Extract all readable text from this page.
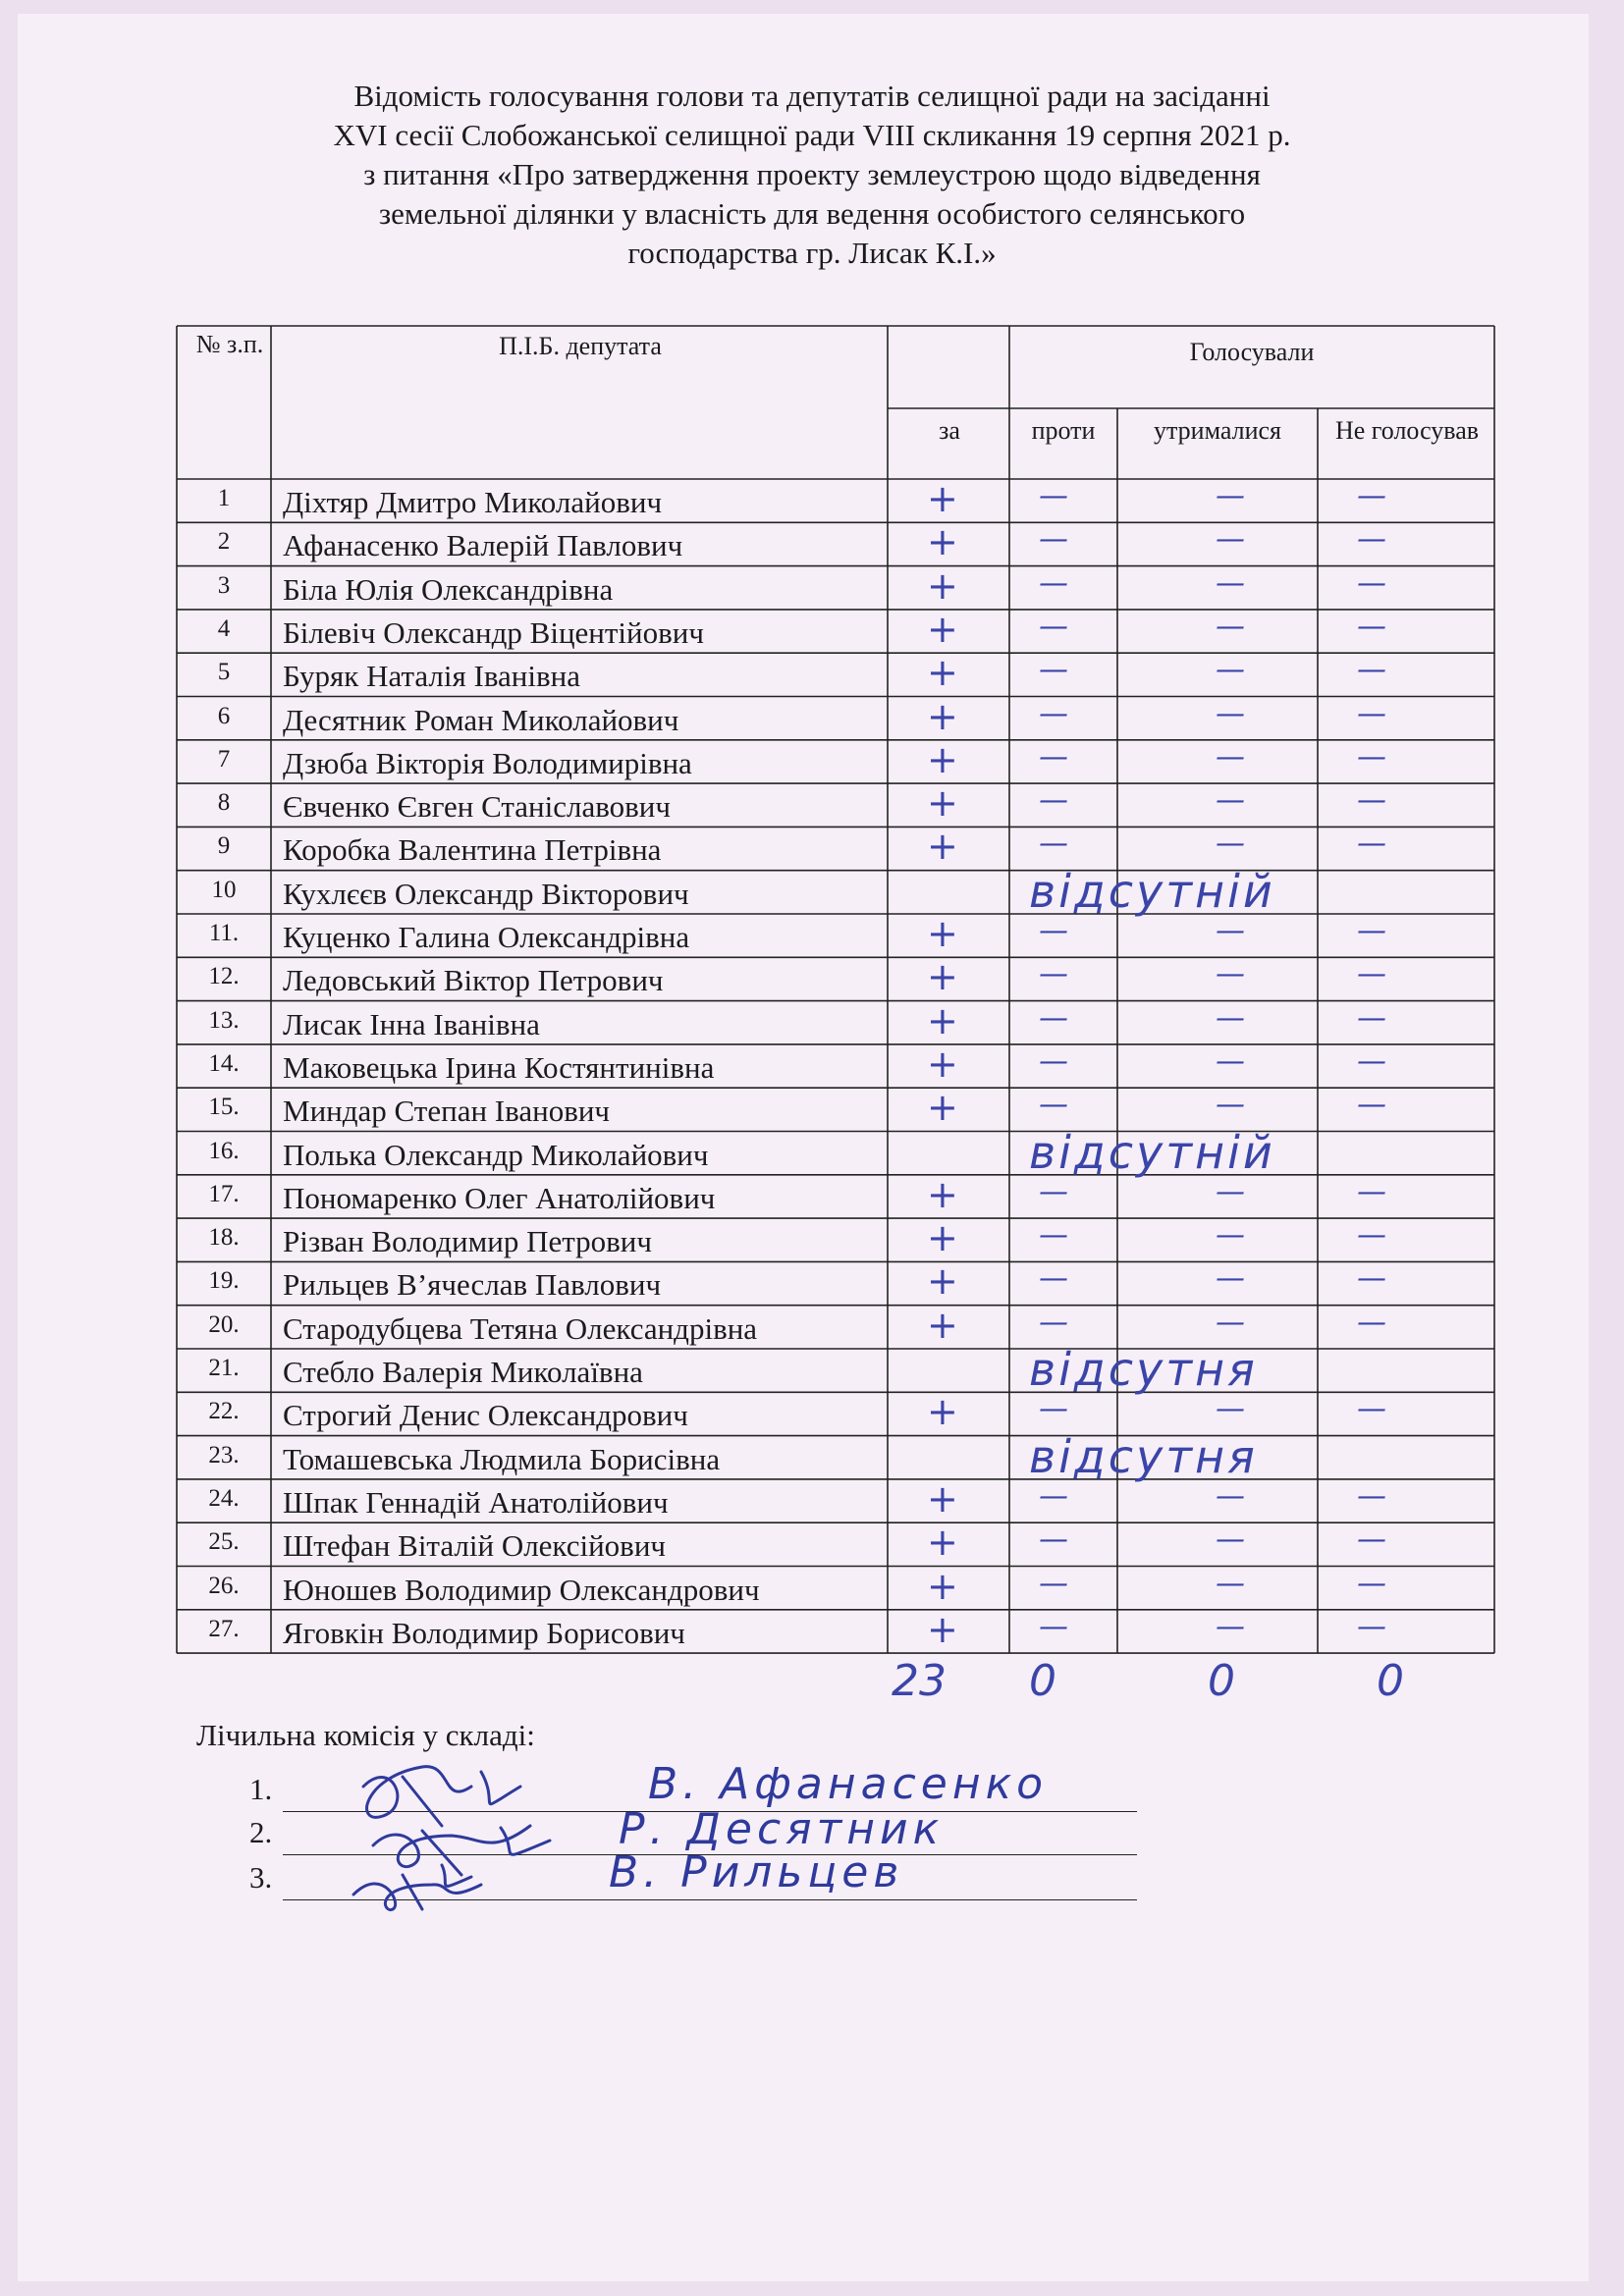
Відомість голосування голови та депутатів селищної ради на засіданні
XVI сесії Слобожанської селищної ради VIII скликання 19 серпня 2021 р.
з питання «Про затвердження проекту землеустрою щодо відведення
земельної ділянки у власність для ведення особистого селянського
господарства гр. Лисак К.І.»
№ з.п.	П.І.Б. депутата	Голосували
за	проти	утрималися	Не голосував
1	Діхтяр Дмитро Миколайович	+	—	—	—
2	Афанасенко Валерій Павлович	+	—	—	—
3	Біла Юлія Олександрівна	+	—	—	—
4	Білевіч Олександр Віцентійович	+	—	—	—
5	Буряк Наталія Іванівна	+	—	—	—
6	Десятник Роман Миколайович	+	—	—	—
7	Дзюба Вікторія Володимирівна	+	—	—	—
8	Євченко Євген Станіславович	+	—	—	—
9	Коробка Валентина Петрівна	+	—	—	—
10	Кухлєєв Олександр Вікторович	відсутній
11.	Куценко Галина Олександрівна	+	—	—	—
12.	Ледовський Віктор Петрович	+	—	—	—
13.	Лисак Інна Іванівна	+	—	—	—
14.	Маковецька Ірина Костянтинівна	+	—	—	—
15.	Миндар Степан Іванович	+	—	—	—
16.	Полька Олександр Миколайович	відсутній
17.	Пономаренко Олег Анатолійович	+	—	—	—
18.	Різван Володимир Петрович	+	—	—	—
19.	Рильцев В’ячеслав Павлович	+	—	—	—
20.	Стародубцева Тетяна Олександрівна	+	—	—	—
21.	Стебло Валерія Миколаївна	відсутня
22.	Строгий Денис Олександрович	+	—	—	—
23.	Томашевська Людмила Борисівна	відсутня
24.	Шпак Геннадій Анатолійович	+	—	—	—
25.	Штефан Віталій Олексійович	+	—	—	—
26.	Юношев Володимир Олександрович	+	—	—	—
27.	Яговкін Володимир Борисович	+	—	—	—
23 0	0	0
Лічильна комісія у складі:
1.	В. Афанасенко
2.	Р. Десятник
3.	В. Рильцев
